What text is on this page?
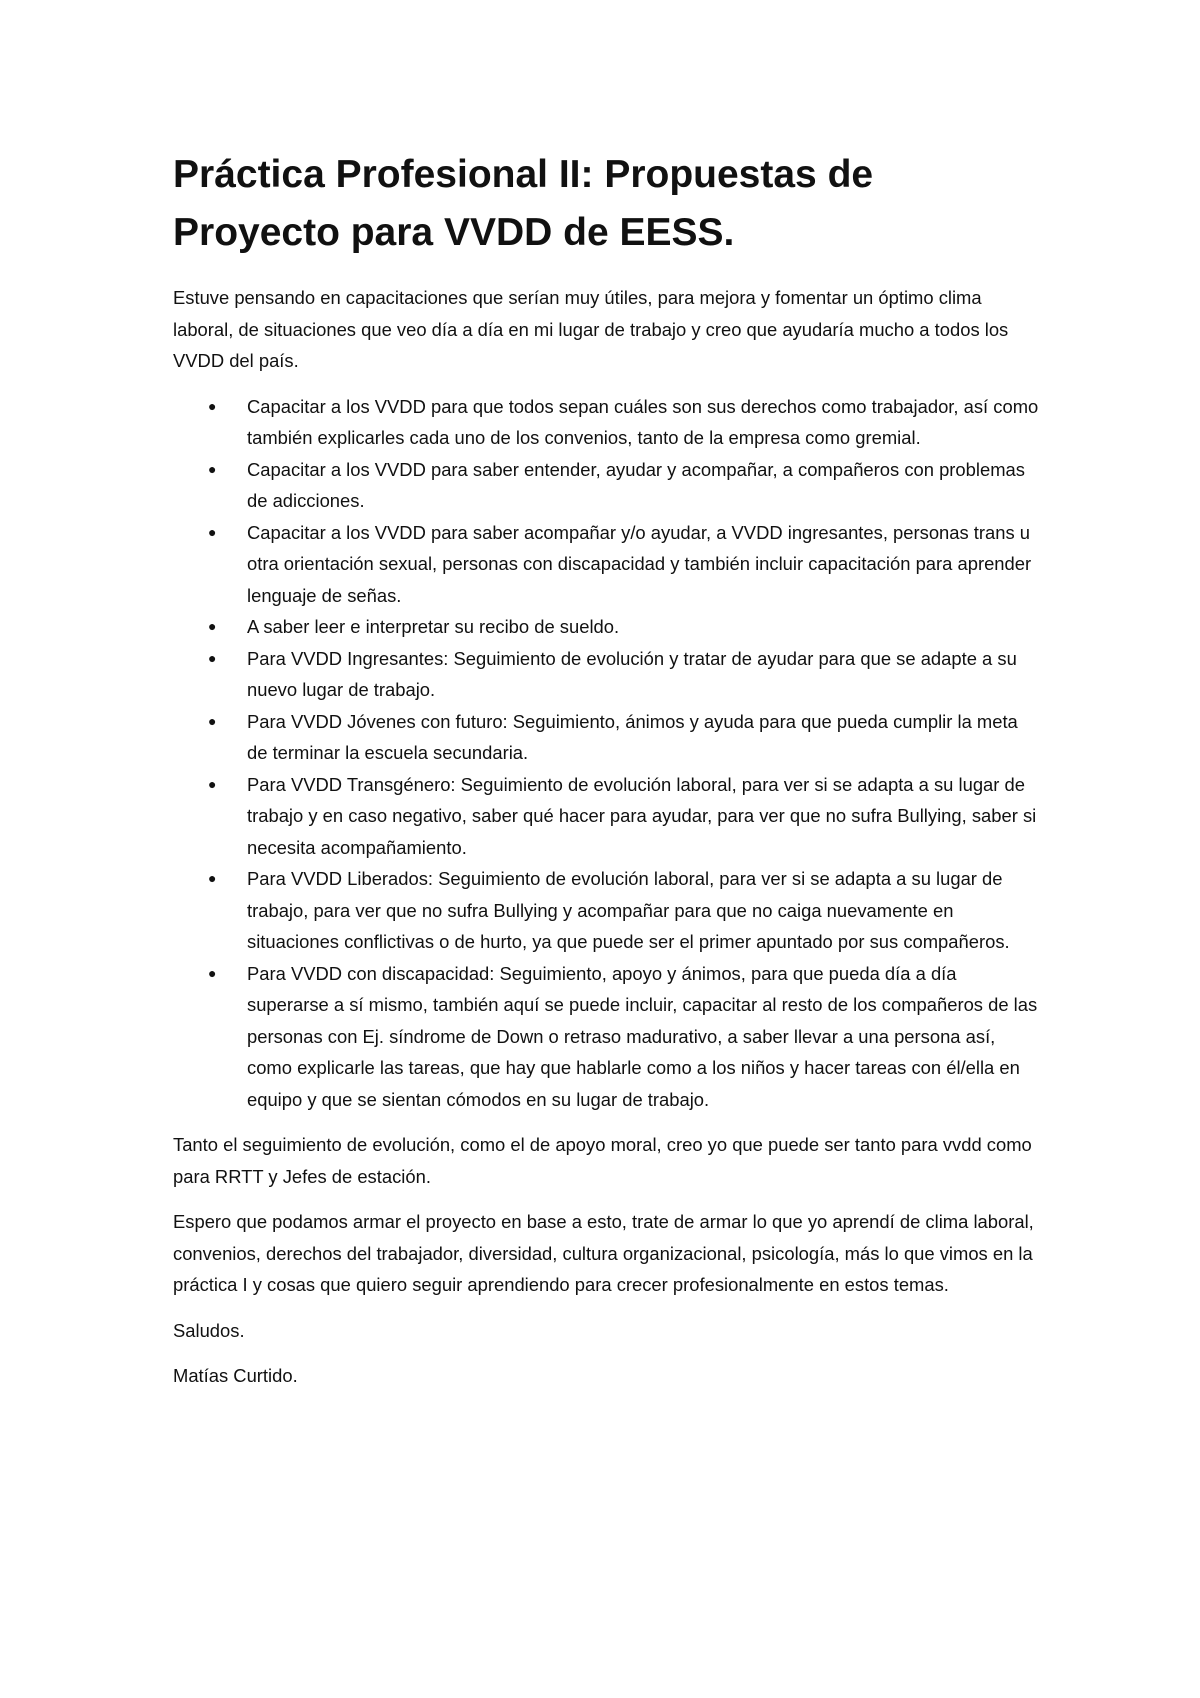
Práctica Profesional II: Propuestas de Proyecto para VVDD de EESS.

Estuve pensando en capacitaciones que serían muy útiles, para mejora y fomentar un óptimo clima laboral, de situaciones que veo día a día en mi lugar de trabajo y creo que ayudaría mucho a todos los VVDD del país.

● Capacitar a los VVDD para que todos sepan cuáles son sus derechos como trabajador, así como también explicarles cada uno de los convenios, tanto de la empresa como gremial.
● Capacitar a los VVDD para saber entender, ayudar y acompañar, a compañeros con problemas de adicciones.
● Capacitar a los VVDD para saber acompañar y/o ayudar, a VVDD ingresantes, personas trans u otra orientación sexual, personas con discapacidad y también incluir capacitación para aprender lenguaje de señas.
● A saber leer e interpretar su recibo de sueldo.
● Para VVDD Ingresantes: Seguimiento de evolución y tratar de ayudar para que se adapte a su nuevo lugar de trabajo.
● Para VVDD Jóvenes con futuro: Seguimiento, ánimos y ayuda para que pueda cumplir la meta de terminar la escuela secundaria.
● Para VVDD Transgénero: Seguimiento de evolución laboral, para ver si se adapta a su lugar de trabajo y en caso negativo, saber qué hacer para ayudar, para ver que no sufra Bullying, saber si necesita acompañamiento.
● Para VVDD Liberados: Seguimiento de evolución laboral, para ver si se adapta a su lugar de trabajo, para ver que no sufra Bullying y acompañar para que no caiga nuevamente en situaciones conflictivas o de hurto, ya que puede ser el primer apuntado por sus compañeros.
● Para VVDD con discapacidad: Seguimiento, apoyo y ánimos, para que pueda día a día superarse a sí mismo, también aquí se puede incluir, capacitar al resto de los compañeros de las personas con Ej. síndrome de Down o retraso madurativo, a saber llevar a una persona así, como explicarle las tareas, que hay que hablarle como a los niños y hacer tareas con él/ella en equipo y que se sientan cómodos en su lugar de trabajo.

Tanto el seguimiento de evolución, como el de apoyo moral, creo yo que puede ser tanto para vvdd como para RRTT y Jefes de estación.

Espero que podamos armar el proyecto en base a esto, trate de armar lo que yo aprendí de clima laboral, convenios, derechos del trabajador, diversidad, cultura organizacional, psicología, más lo que vimos en la práctica I y cosas que quiero seguir aprendiendo para crecer profesionalmente en estos temas.

Saludos.

Matías Curtido.
